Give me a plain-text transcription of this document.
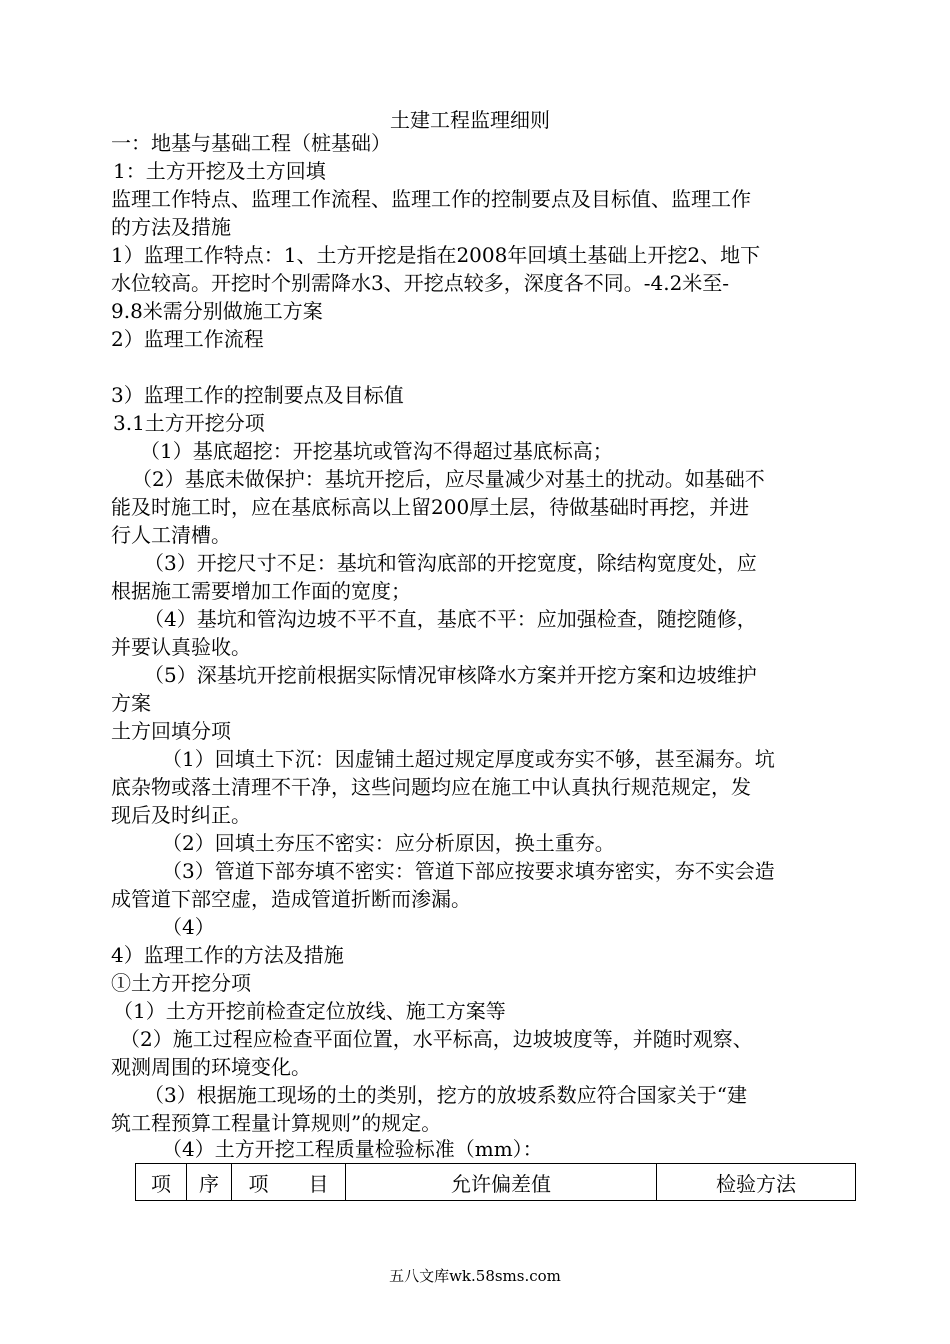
土建工程监理细则
一：地基与基础工程（桩基础）
1：土方开挖及土方回填
监理工作特点、监理工作流程、监理工作的控制要点及目标值、监理工作
的方法及措施
1）监理工作特点：1、土方开挖是指在2008年回填土基础上开挖2、地下
水位较高。开挖时个别需降水3、开挖点较多，深度各不同。-4.2米至-
9.8米需分别做施工方案
2）监理工作流程
3）监理工作的控制要点及目标值
3.1土方开挖分项
（1）基底超挖：开挖基坑或管沟不得超过基底标高；
（2）基底未做保护：基坑开挖后，应尽量减少对基土的扰动。如基础不
能及时施工时，应在基底标高以上留200厚土层，待做基础时再挖，并进
行人工清槽。
（3）开挖尺寸不足：基坑和管沟底部的开挖宽度，除结构宽度处，应
根据施工需要增加工作面的宽度；
（4）基坑和管沟边坡不平不直，基底不平：应加强检查，随挖随修，
并要认真验收。
（5）深基坑开挖前根据实际情况审核降水方案并开挖方案和边坡维护
方案
土方回填分项
（1）回填土下沉：因虚铺土超过规定厚度或夯实不够，甚至漏夯。坑
底杂物或落土清理不干净，这些问题均应在施工中认真执行规范规定，发
现后及时纠正。
（2）回填土夯压不密实：应分析原因，换土重夯。
（3）管道下部夯填不密实：管道下部应按要求填夯密实，夯不实会造
成管道下部空虚，造成管道折断而渗漏。
（4）
4）监理工作的方法及措施
①土方开挖分项
（1）土方开挖前检查定位放线、施工方案等
（2）施工过程应检查平面位置，水平标高，边坡坡度等，并随时观察、
观测周围的环境变化。
（3）根据施工现场的土的类别，挖方的放坡系数应符合国家关于“建
筑工程预算工程量计算规则”的规定。
（4）土方开挖工程质量检验标准（mm）：
项	序	项　　目	允许偏差值	检验方法
五八文库wk.58sms.com
